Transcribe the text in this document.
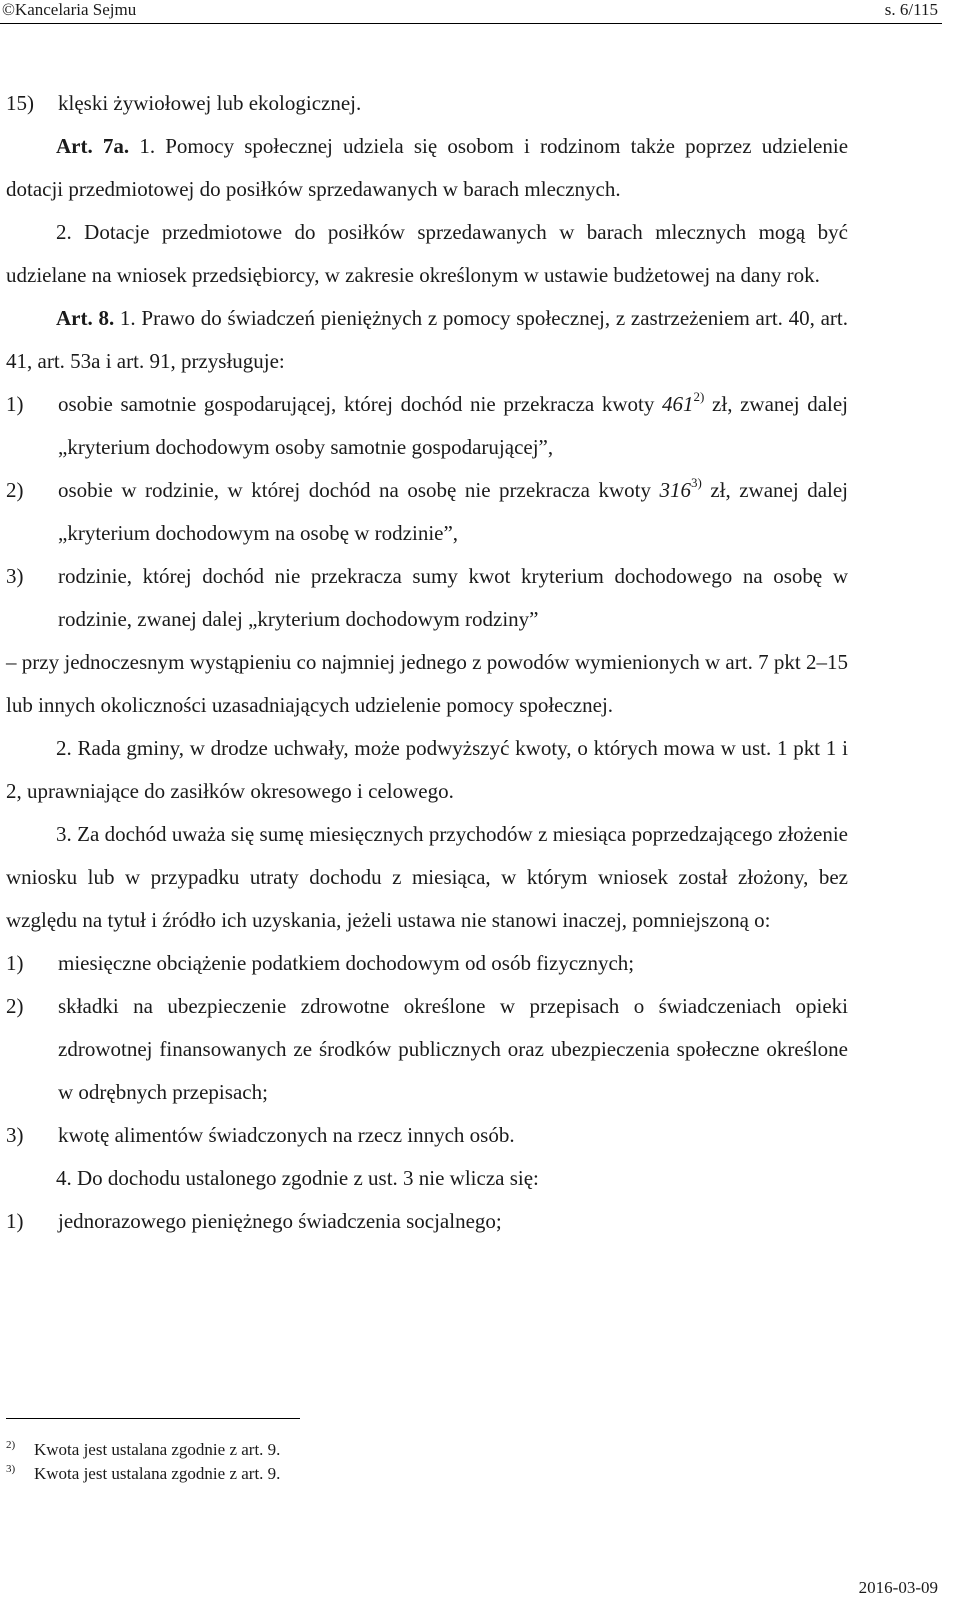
©Kancelaria Sejmu	s. 6/115
15)	klęski żywiołowej lub ekologicznej.

Art. 7a. 1. Pomocy społecznej udziela się osobom i rodzinom także poprzez udzielenie dotacji przedmiotowej do posiłków sprzedawanych w barach mlecznych.

2. Dotacje przedmiotowe do posiłków sprzedawanych w barach mlecznych mogą być udzielane na wniosek przedsiębiorcy, w zakresie określonym w ustawie budżetowej na dany rok.

Art. 8. 1. Prawo do świadczeń pieniężnych z pomocy społecznej, z zastrzeżeniem art. 40, art. 41, art. 53a i art. 91, przysługuje:

1)	osobie samotnie gospodarującej, której dochód nie przekracza kwoty 461$^{2)}$ zł, zwanej dalej „kryterium dochodowym osoby samotnie gospodarującej”,
2)	osobie w rodzinie, w której dochód na osobę nie przekracza kwoty 316$^{3)}$ zł, zwanej dalej „kryterium dochodowym na osobę w rodzinie”,
3)	rodzinie, której dochód nie przekracza sumy kwot kryterium dochodowego na osobę w rodzinie, zwanej dalej „kryterium dochodowym rodziny”

– przy jednoczesnym wystąpieniu co najmniej jednego z powodów wymienionych w art. 7 pkt 2–15 lub innych okoliczności uzasadniających udzielenie pomocy społecznej.

2. Rada gminy, w drodze uchwały, może podwyższyć kwoty, o których mowa w ust. 1 pkt 1 i 2, uprawniające do zasiłków okresowego i celowego.

3. Za dochód uważa się sumę miesięcznych przychodów z miesiąca poprzedzającego złożenie wniosku lub w przypadku utraty dochodu z miesiąca, w którym wniosek został złożony, bez względu na tytuł i źródło ich uzyskania, jeżeli ustawa nie stanowi inaczej, pomniejszoną o:

1)	miesięczne obciążenie podatkiem dochodowym od osób fizycznych;
2)	składki na ubezpieczenie zdrowotne określone w przepisach o świadczeniach opieki zdrowotnej finansowanych ze środków publicznych oraz ubezpieczenia społeczne określone w odrębnych przepisach;
3)	kwotę alimentów świadczonych na rzecz innych osób.

4. Do dochodu ustalonego zgodnie z ust. 3 nie wlicza się:

1)	jednorazowego pieniężnego świadczenia socjalnego;
2)	Kwota jest ustalana zgodnie z art. 9.
3)	Kwota jest ustalana zgodnie z art. 9.
2016-03-09
